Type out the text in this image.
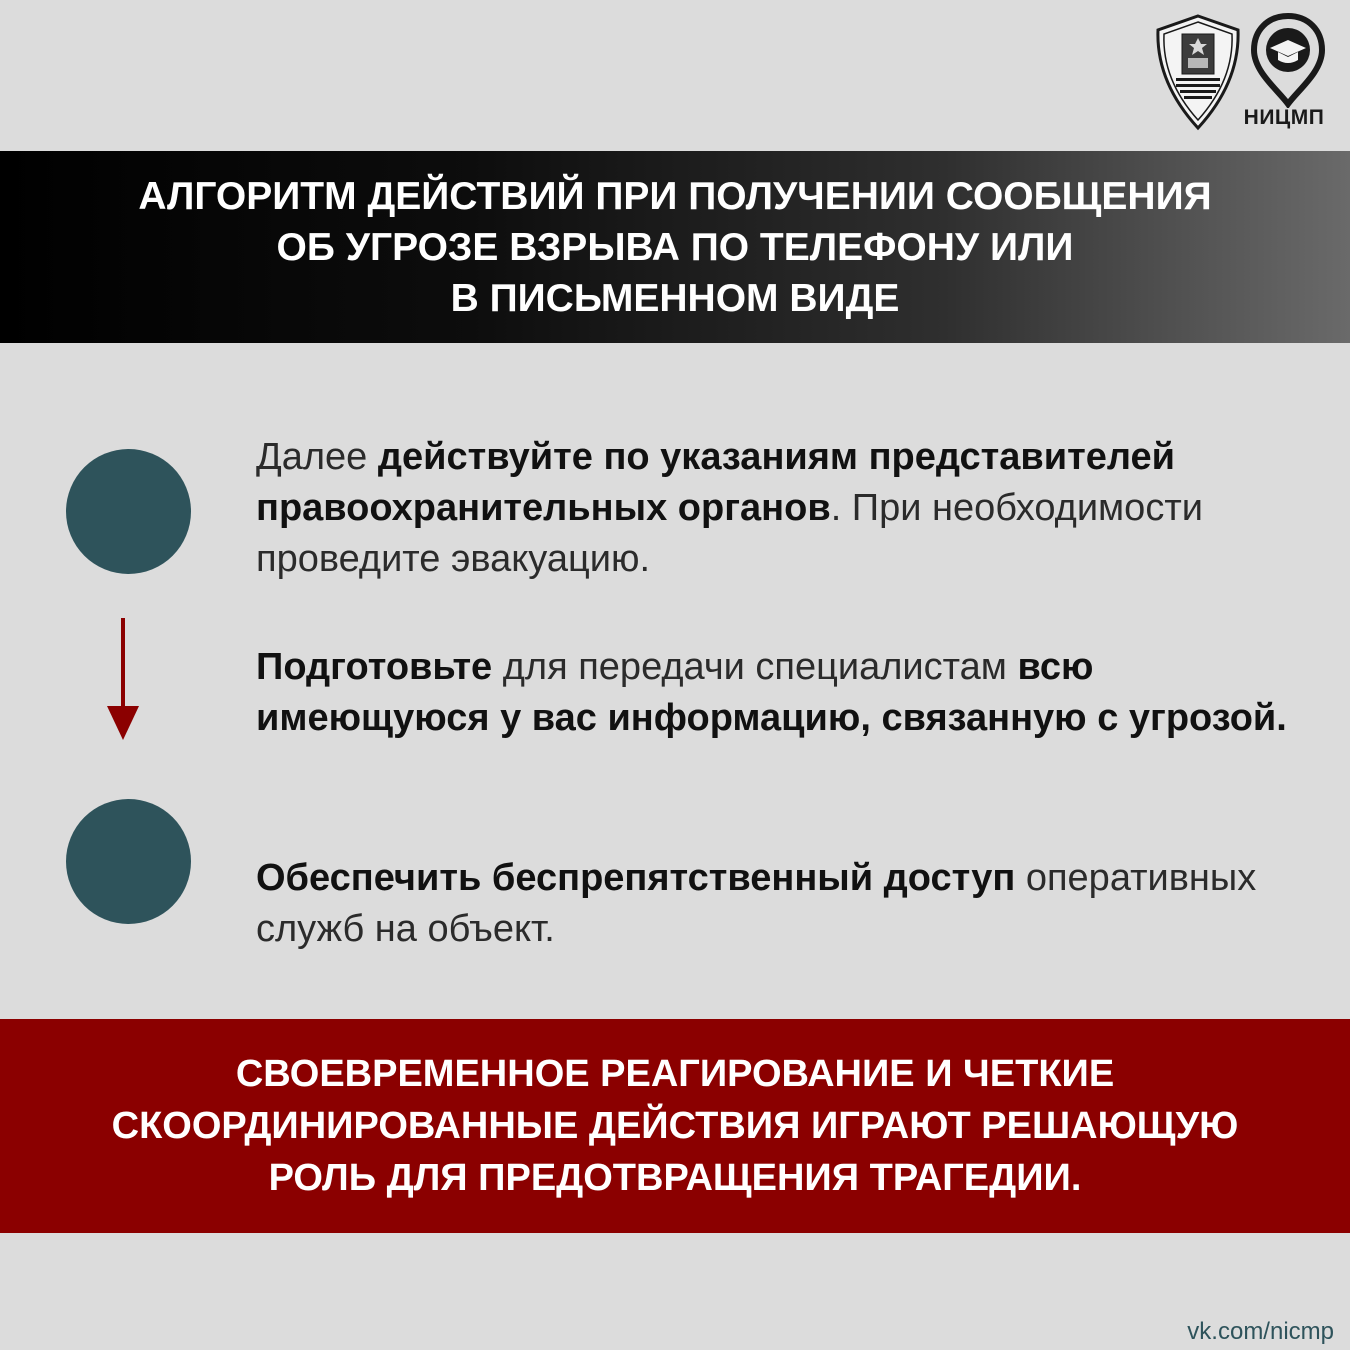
НИЦМП
АЛГОРИТМ ДЕЙСТВИЙ ПРИ ПОЛУЧЕНИИ СООБЩЕНИЯ
ОБ УГРОЗЕ ВЗРЫВА ПО ТЕЛЕФОНУ ИЛИ
В ПИСЬМЕННОМ ВИДЕ
Далее действуйте по указаниям представителей правоохранительных органов. При необходимости проведите эвакуацию.
Подготовьте для передачи специалистам всю имеющуюся у вас информацию, связанную с угрозой.
Обеспечить беспрепятственный доступ оперативных служб на объект.
СВОЕВРЕМЕННОЕ РЕАГИРОВАНИЕ И ЧЕТКИЕ
СКООРДИНИРОВАННЫЕ ДЕЙСТВИЯ ИГРАЮТ РЕШАЮЩУЮ
РОЛЬ ДЛЯ ПРЕДОТВРАЩЕНИЯ ТРАГЕДИИ.
vk.com/nicmp
